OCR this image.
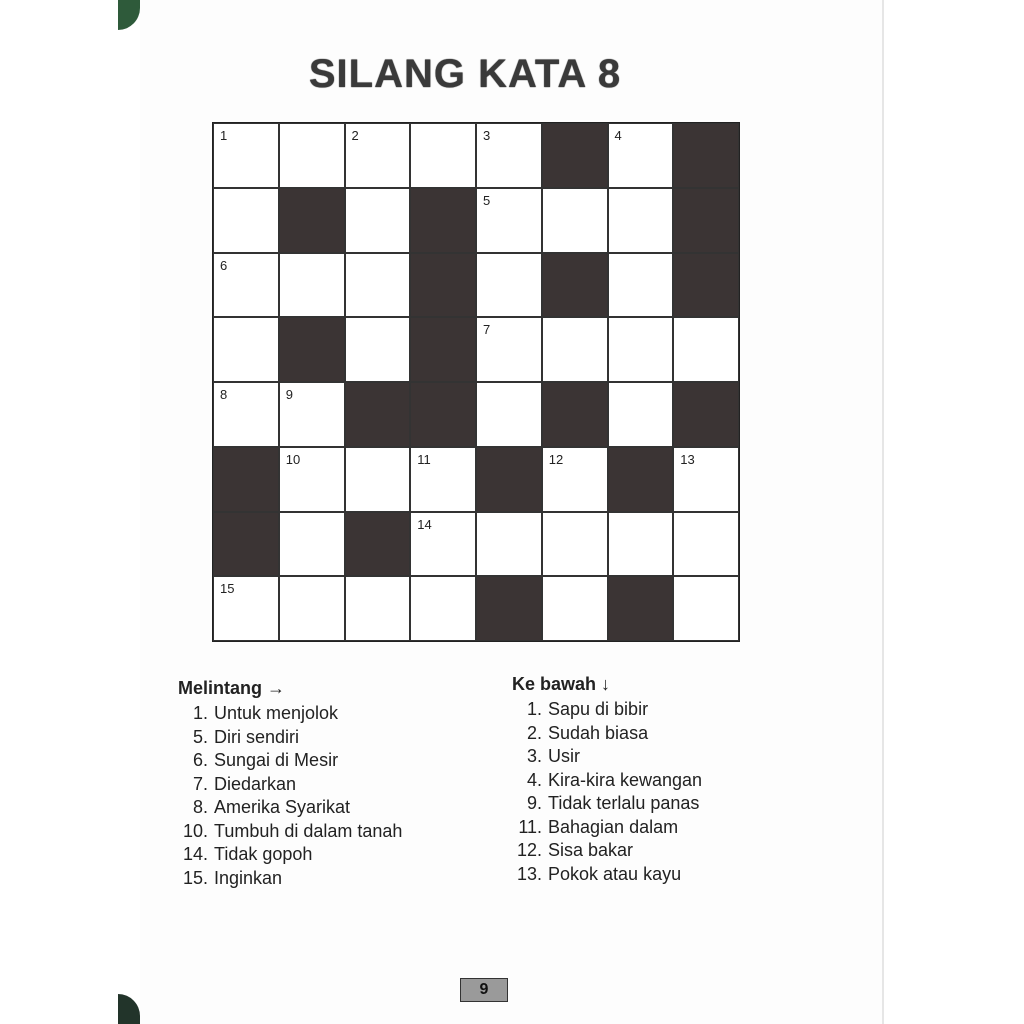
SILANG KATA 8
1	2	3	4
5
6
7
8	9
10	11	12	13
14
15
Melintang →
1. Untuk menjolok
5. Diri sendiri
6. Sungai di Mesir
7. Diedarkan
8. Amerika Syarikat
10. Tumbuh di dalam tanah
14. Tidak gopoh
15. Inginkan
Ke bawah ↓
1. Sapu di bibir
2. Sudah biasa
3. Usir
4. Kira-kira kewangan
9. Tidak terlalu panas
11. Bahagian dalam
12. Sisa bakar
13. Pokok atau kayu
9
